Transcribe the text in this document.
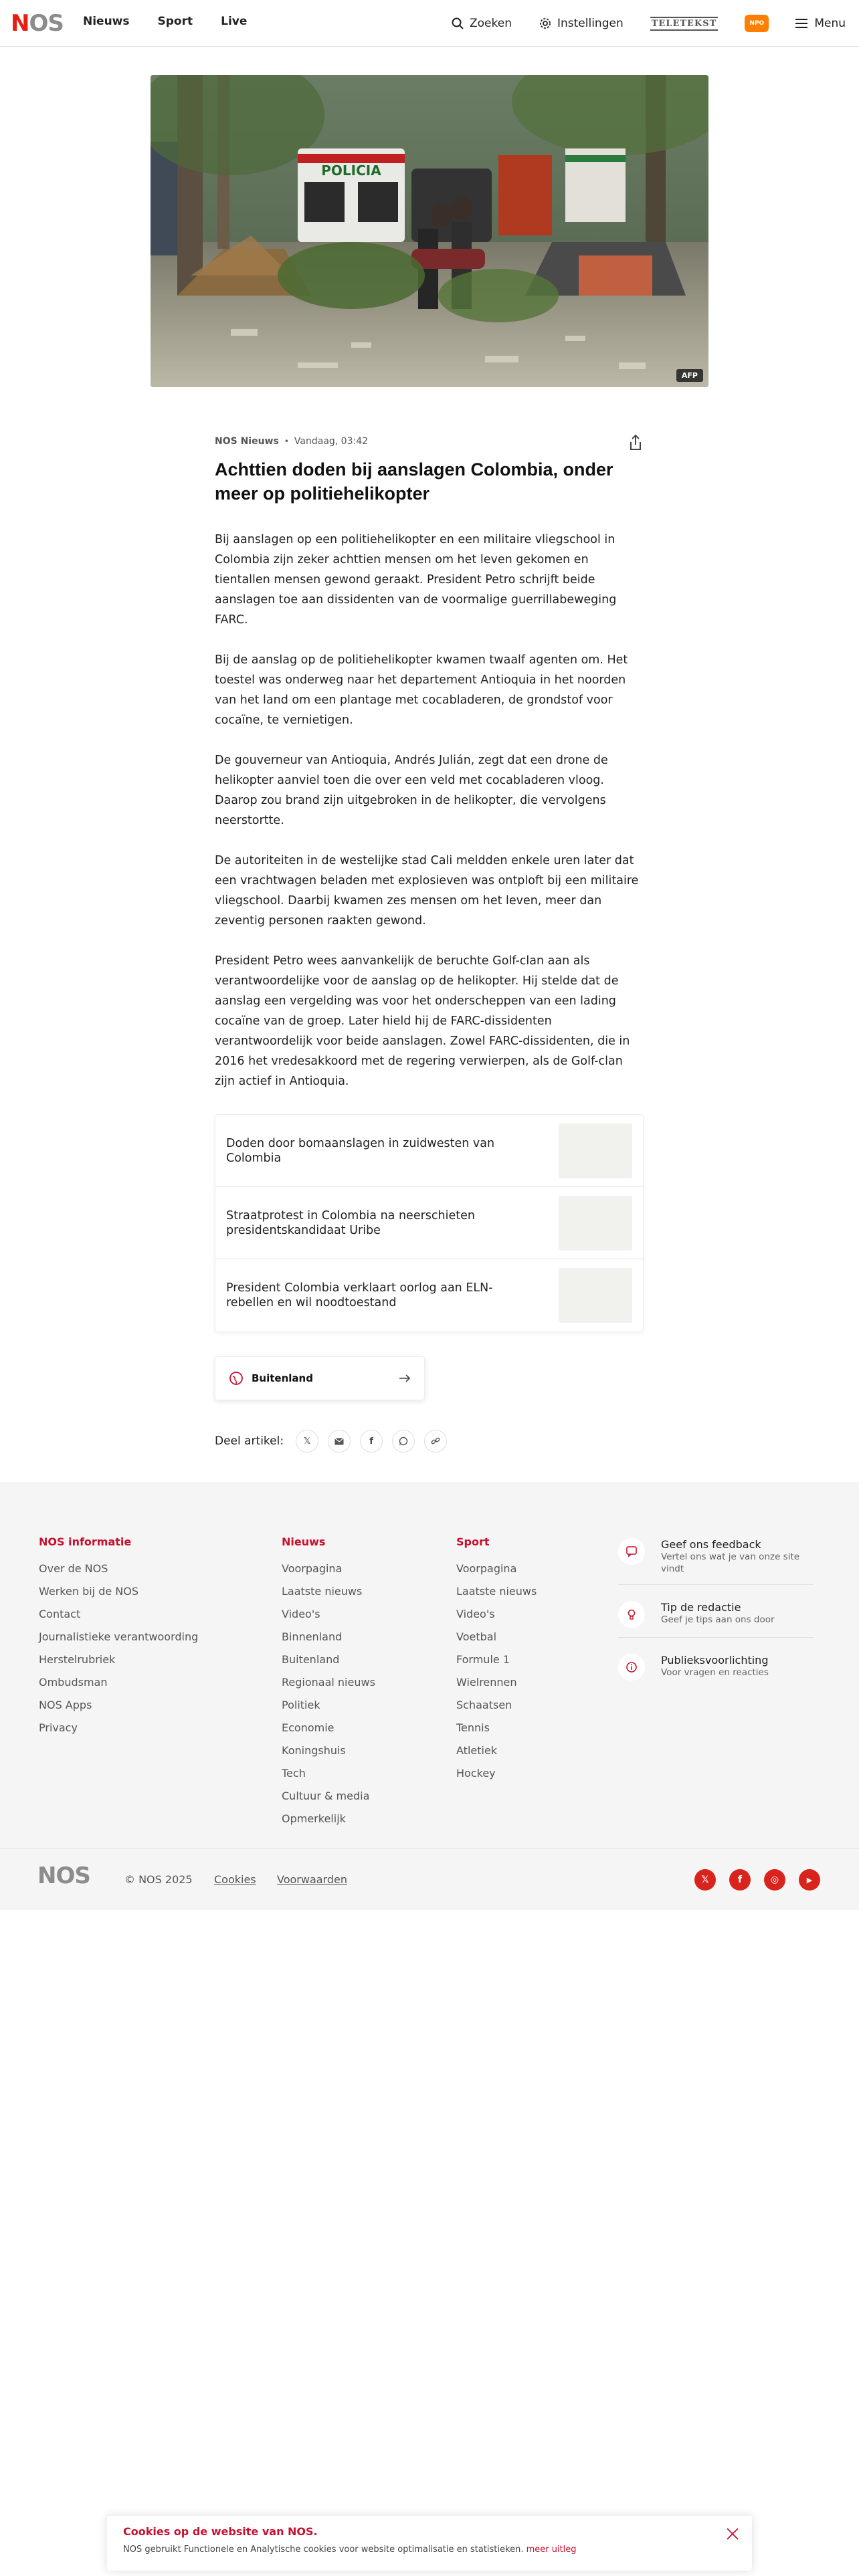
N OS Nieuws Sport Live	Zoeken	Instellingen	TELETEKST	NPO	Menu
POLICIA
AFP
NOS Nieuws • Vandaag, 03:42
Achttien doden bij aanslagen Colombia, onder meer op politiehelikopter

Bij aanslagen op een politiehelikopter en een militaire vliegschool in Colombia zijn zeker achttien mensen om het leven gekomen en tientallen mensen gewond geraakt. President Petro schrijft beide aanslagen toe aan dissidenten van de voormalige guerrillabeweging FARC.

Bij de aanslag op de politiehelikopter kwamen twaalf agenten om. Het toestel was onderweg naar het departement Antioquia in het noorden van het land om een plantage met cocabladeren, de grondstof voor cocaïne, te vernietigen.

De gouverneur van Antioquia, Andrés Julián, zegt dat een drone de helikopter aanviel toen die over een veld met cocabladeren vloog. Daarop zou brand zijn uitgebroken in de helikopter, die vervolgens neerstortte.

De autoriteiten in de westelijke stad Cali meldden enkele uren later dat een vrachtwagen beladen met explosieven was ontploft bij een militaire vliegschool. Daarbij kwamen zes mensen om het leven, meer dan zeventig personen raakten gewond.

President Petro wees aanvankelijk de beruchte Golf-clan aan als verantwoordelijke voor de aanslag op de helikopter. Hij stelde dat de aanslag een vergelding was voor het onderscheppen van een lading cocaïne van de groep. Later hield hij de FARC-dissidenten verantwoordelijk voor beide aanslagen. Zowel FARC-dissidenten, die in 2016 het vredesakkoord met de regering verwierpen, als de Golf-clan zijn actief in Antioquia.

Doden door bomaanslagen in zuidwesten van Colombia
Straatprotest in Colombia na neerschieten presidentskandidaat Uribe
President Colombia verklaart oorlog aan ELN-rebellen en wil noodtoestand
Buitenland
Deel artikel: 𝕏	f
NOS informatie
Over de NOS
Werken bij de NOS
Contact
Journalistieke verantwoording
Herstelrubriek
Ombudsman
NOS Apps
Privacy
Nieuws
Voorpagina
Laatste nieuws
Video's
Binnenland
Buitenland
Regionaal nieuws
Politiek
Economie
Koningshuis
Tech
Cultuur & media
Opmerkelijk
Sport
Voorpagina
Laatste nieuws
Video's
Voetbal
Formule 1
Wielrennen
Schaatsen
Tennis
Atletiek
Hockey
Geef ons feedback
Vertel ons wat je van onze site vindt
Tip de redactie
Geef je tips aan ons door
Publieksvoorlichting
Voor vragen en reacties
NOS	© NOS 2025 Cookies Voorwaarden	𝕏	f	◎	▶
Cookies op de website van NOS.
NOS gebruikt Functionele en Analytische cookies voor website optimalisatie en statistieken. meer uitleg
